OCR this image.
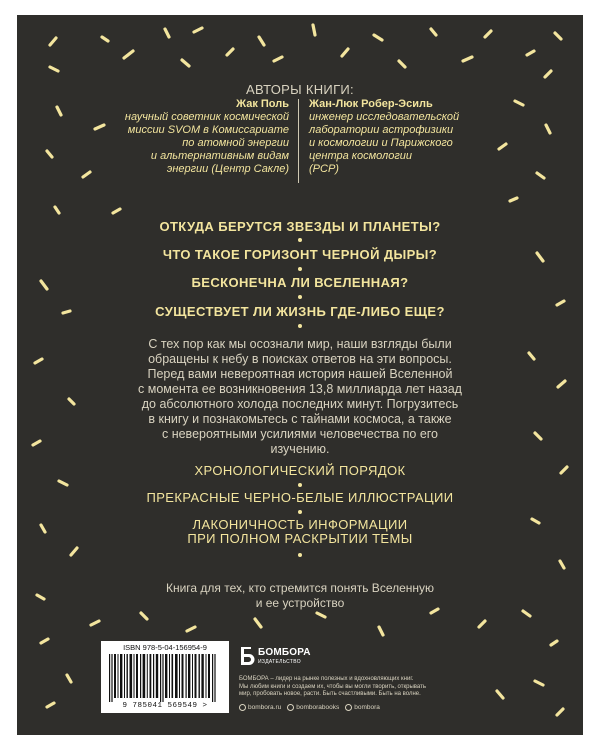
АВТОРЫ КНИГИ:
Жак Поль
научный советник космической
миссии SVOM в Комиссариате
по атомной энергии
и альтернативным видам
энергии (Центр Сакле)
Жан-Люк Робер-Эсиль
инженер исследовательской
лаборатории астрофизики
и космологии и Парижского
центра космологии
(PCP)
ОТКУДА БЕРУТСЯ ЗВЕЗДЫ И ПЛАНЕТЫ?
ЧТО ТАКОЕ ГОРИЗОНТ ЧЕРНОЙ ДЫРЫ?
БЕСКОНЕЧНА ЛИ ВСЕЛЕННАЯ?
СУЩЕСТВУЕТ ЛИ ЖИЗНЬ ГДЕ-ЛИБО ЕЩЕ?
С тех пор как мы осознали мир, наши взгляды были
обращены к небу в поисках ответов на эти вопросы.
Перед вами невероятная история нашей Вселенной
с момента ее возникновения 13,8 миллиарда лет назад
до абсолютного холода последних минут. Погрузитесь
в книгу и познакомьтесь с тайнами космоса, а также
с невероятными усилиями человечества по его
изучению.
ХРОНОЛОГИЧЕСКИЙ ПОРЯДОК
ПРЕКРАСНЫЕ ЧЕРНО-БЕЛЫЕ ИЛЛЮСТРАЦИИ
ЛАКОНИЧНОСТЬ ИНФОРМАЦИИ
ПРИ ПОЛНОМ РАСКРЫТИИ ТЕМЫ
Книга для тех, кто стремится понять Вселенную
и ее устройство
ISBN 978-5-04-156954-9
9 785041 569549 >
БОМБОРА
ИЗДАТЕЛЬСТВО
БОМБОРА – лидер на рынке полезных и вдохновляющих книг.
Мы любим книги и создаем их, чтобы вы могли творить, открывать
мир, пробовать новое, расти. Быть счастливыми. Быть на волне.
bombora.ru	bomborabooks	bombora
